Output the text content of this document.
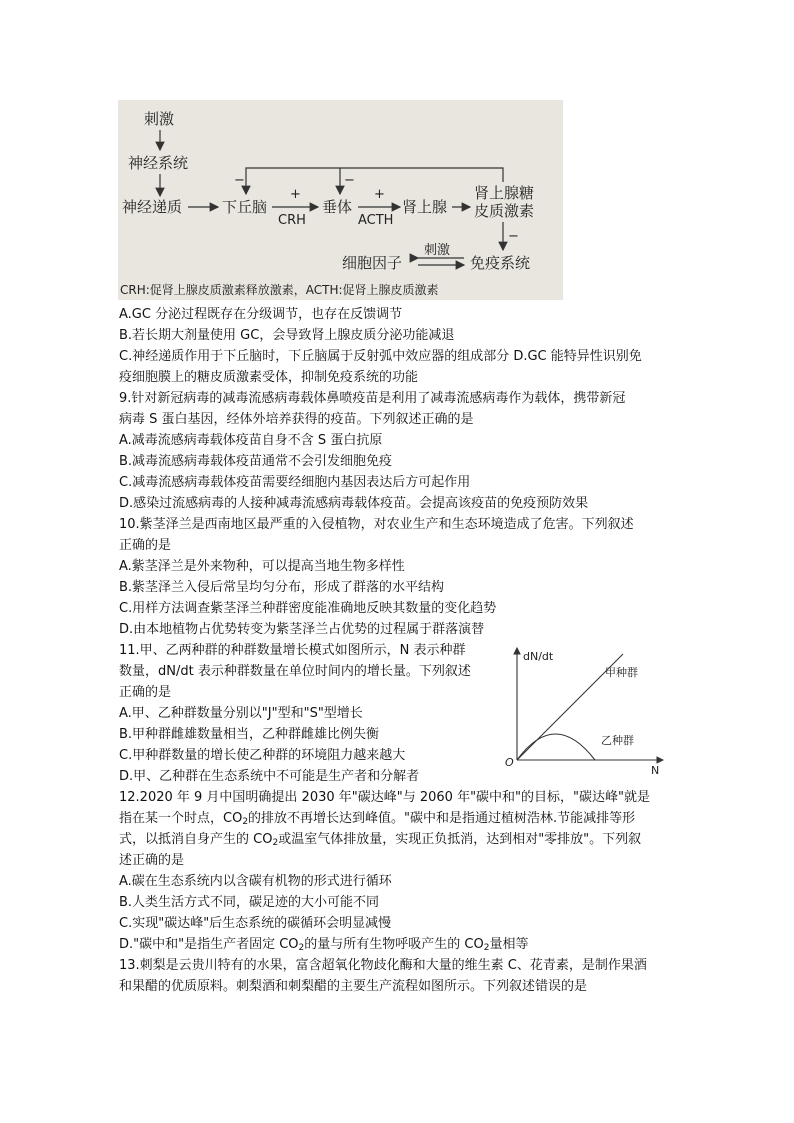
刺激
神经系统
神经递质	下丘脑
+
CRH
垂体
+
ACTH
肾上腺
肾上腺糖
皮质激素
−	−
−
免疫系统
细胞因子
刺激
CRH:促肾上腺皮质激素释放激素，ACTH:促肾上腺皮质激素
A.GC 分泌过程既存在分级调节，也存在反馈调节
B.若长期大剂量使用 GC，会导致肾上腺皮质分泌功能减退
C.神经递质作用于下丘脑时，下丘脑属于反射弧中效应器的组成部分 D.GC 能特异性识别免
疫细胞膜上的糖皮质激素受体，抑制免疫系统的功能
9.针对新冠病毒的减毒流感病毒载体鼻喷疫苗是利用了减毒流感病毒作为载体，携带新冠
病毒 S 蛋白基因，经体外培养获得的疫苗。下列叙述正确的是
A.减毒流感病毒载体疫苗自身不含 S 蛋白抗原
B.减毒流感病毒载体疫苗通常不会引发细胞免疫
C.减毒流感病毒载体疫苗需要经细胞内基因表达后方可起作用
D.感染过流感病毒的人接种减毒流感病毒载体疫苗。会提高该疫苗的免疫预防效果
10.紫茎泽兰是西南地区最严重的入侵植物，对农业生产和生态环境造成了危害。下列叙述
正确的是
A.紫茎泽兰是外来物种，可以提高当地生物多样性
B.紫茎泽兰入侵后常呈均匀分布，形成了群落的水平结构
C.用样方法调查紫茎泽兰种群密度能准确地反映其数量的变化趋势
D.由本地植物占优势转变为紫茎泽兰占优势的过程属于群落演替
11.甲、乙两种群的种群数量增长模式如图所示，N 表示种群
数量，dN/dt 表示种群数量在单位时间内的增长量。下列叙述
正确的是
A.甲、乙种群数量分别以"J"型和"S"型增长
B.甲种群雌雄数量相当，乙种群雌雄比例失衡
C.甲种群数量的增长使乙种群的环境阻力越来越大
D.甲、乙种群在生态系统中不可能是生产者和分解者
dN/dt
N
O
甲种群
乙种群
12.2020 年 9 月中国明确提出 2030 年"碳达峰"与 2060 年"碳中和"的目标，"碳达峰"就是
指在某一个时点，$CO_2$的排放不再增长达到峰值。"碳中和是指通过植树浩林.节能减排等形
式，以抵消自身产生的 $CO_2$或温室气体排放量，实现正负抵消，达到相对"零排放"。下列叙
述正确的是
A.碳在生态系统内以含碳有机物的形式进行循环
B.人类生活方式不同，碳足迹的大小可能不同
C.实现"碳达峰"后生态系统的碳循环会明显减慢
D."碳中和"是指生产者固定 $CO_2$的量与所有生物呼吸产生的 $CO_2$量相等
13.刺梨是云贵川特有的水果，富含超氧化物歧化酶和大量的维生素 C、花青素，是制作果酒
和果醋的优质原料。刺梨酒和刺梨醋的主要生产流程如图所示。下列叙述错误的是
